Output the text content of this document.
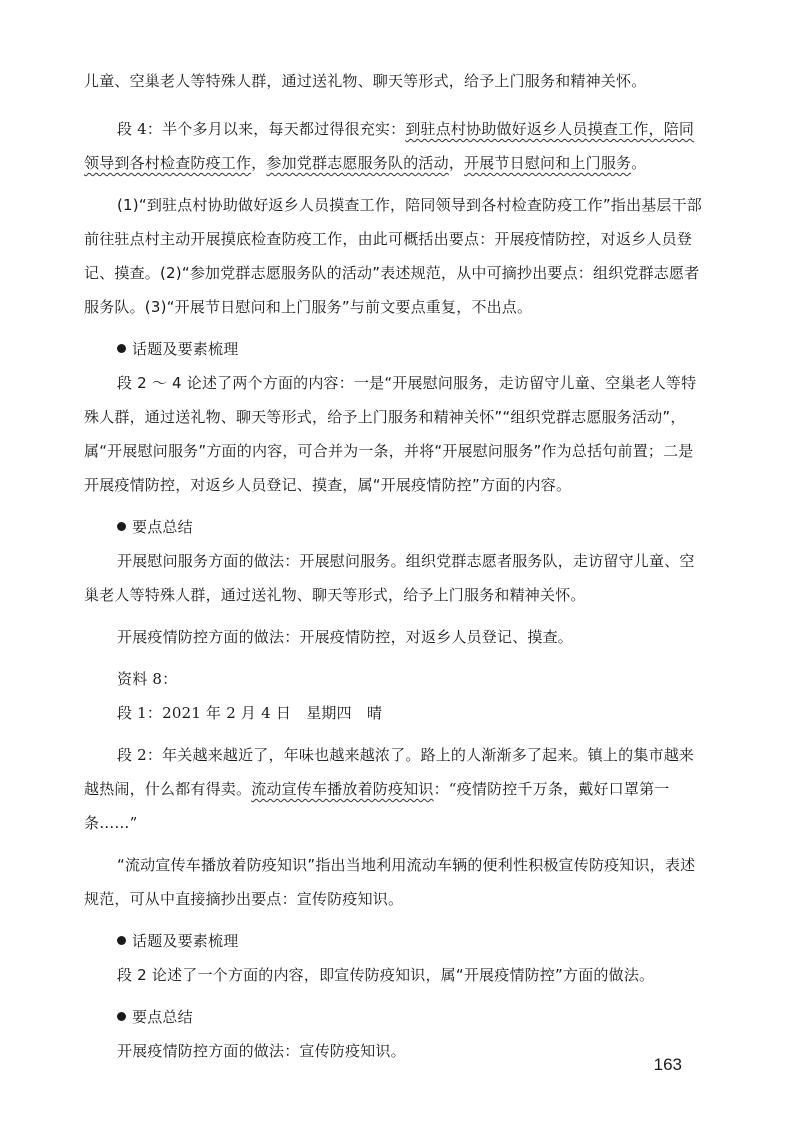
儿童、空巢老人等特殊人群，通过送礼物、聊天等形式，给予上门服务和精神关怀。

段 4：半个多月以来，每天都过得很充实：到驻点村协助做好返乡人员摸查工作，陪同领导到各村检查防疫工作，参加党群志愿服务队的活动，开展节日慰问和上门服务。

(1)“到驻点村协助做好返乡人员摸查工作，陪同领导到各村检查防疫工作”指出基层干部前往驻点村主动开展摸底检查防疫工作，由此可概括出要点：开展疫情防控，对返乡人员登记、摸查。(2)“参加党群志愿服务队的活动”表述规范，从中可摘抄出要点：组织党群志愿者服务队。(3)“开展节日慰问和上门服务”与前文要点重复，不出点。

话题及要素梳理

段 2 ～ 4 论述了两个方面的内容：一是“开展慰问服务，走访留守儿童、空巢老人等特殊人群，通过送礼物、聊天等形式，给予上门服务和精神关怀”“组织党群志愿服务活动”，属“开展慰问服务”方面的内容，可合并为一条，并将“开展慰问服务”作为总括句前置；二是开展疫情防控，对返乡人员登记、摸查，属“开展疫情防控”方面的内容。

要点总结

开展慰问服务方面的做法：开展慰问服务。组织党群志愿者服务队，走访留守儿童、空巢老人等特殊人群，通过送礼物、聊天等形式，给予上门服务和精神关怀。

开展疫情防控方面的做法：开展疫情防控，对返乡人员登记、摸查。

资料 8：

段 1：2021 年 2 月 4 日　星期四　晴

段 2：年关越来越近了，年味也越来越浓了。路上的人渐渐多了起来。镇上的集市越来越热闹，什么都有得卖。流动宣传车播放着防疫知识：“疫情防控千万条，戴好口罩第一条……”

“流动宣传车播放着防疫知识”指出当地利用流动车辆的便利性积极宣传防疫知识，表述规范，可从中直接摘抄出要点：宣传防疫知识。

话题及要素梳理

段 2 论述了一个方面的内容，即宣传防疫知识，属“开展疫情防控”方面的做法。

要点总结

开展疫情防控方面的做法：宣传防疫知识。

163
